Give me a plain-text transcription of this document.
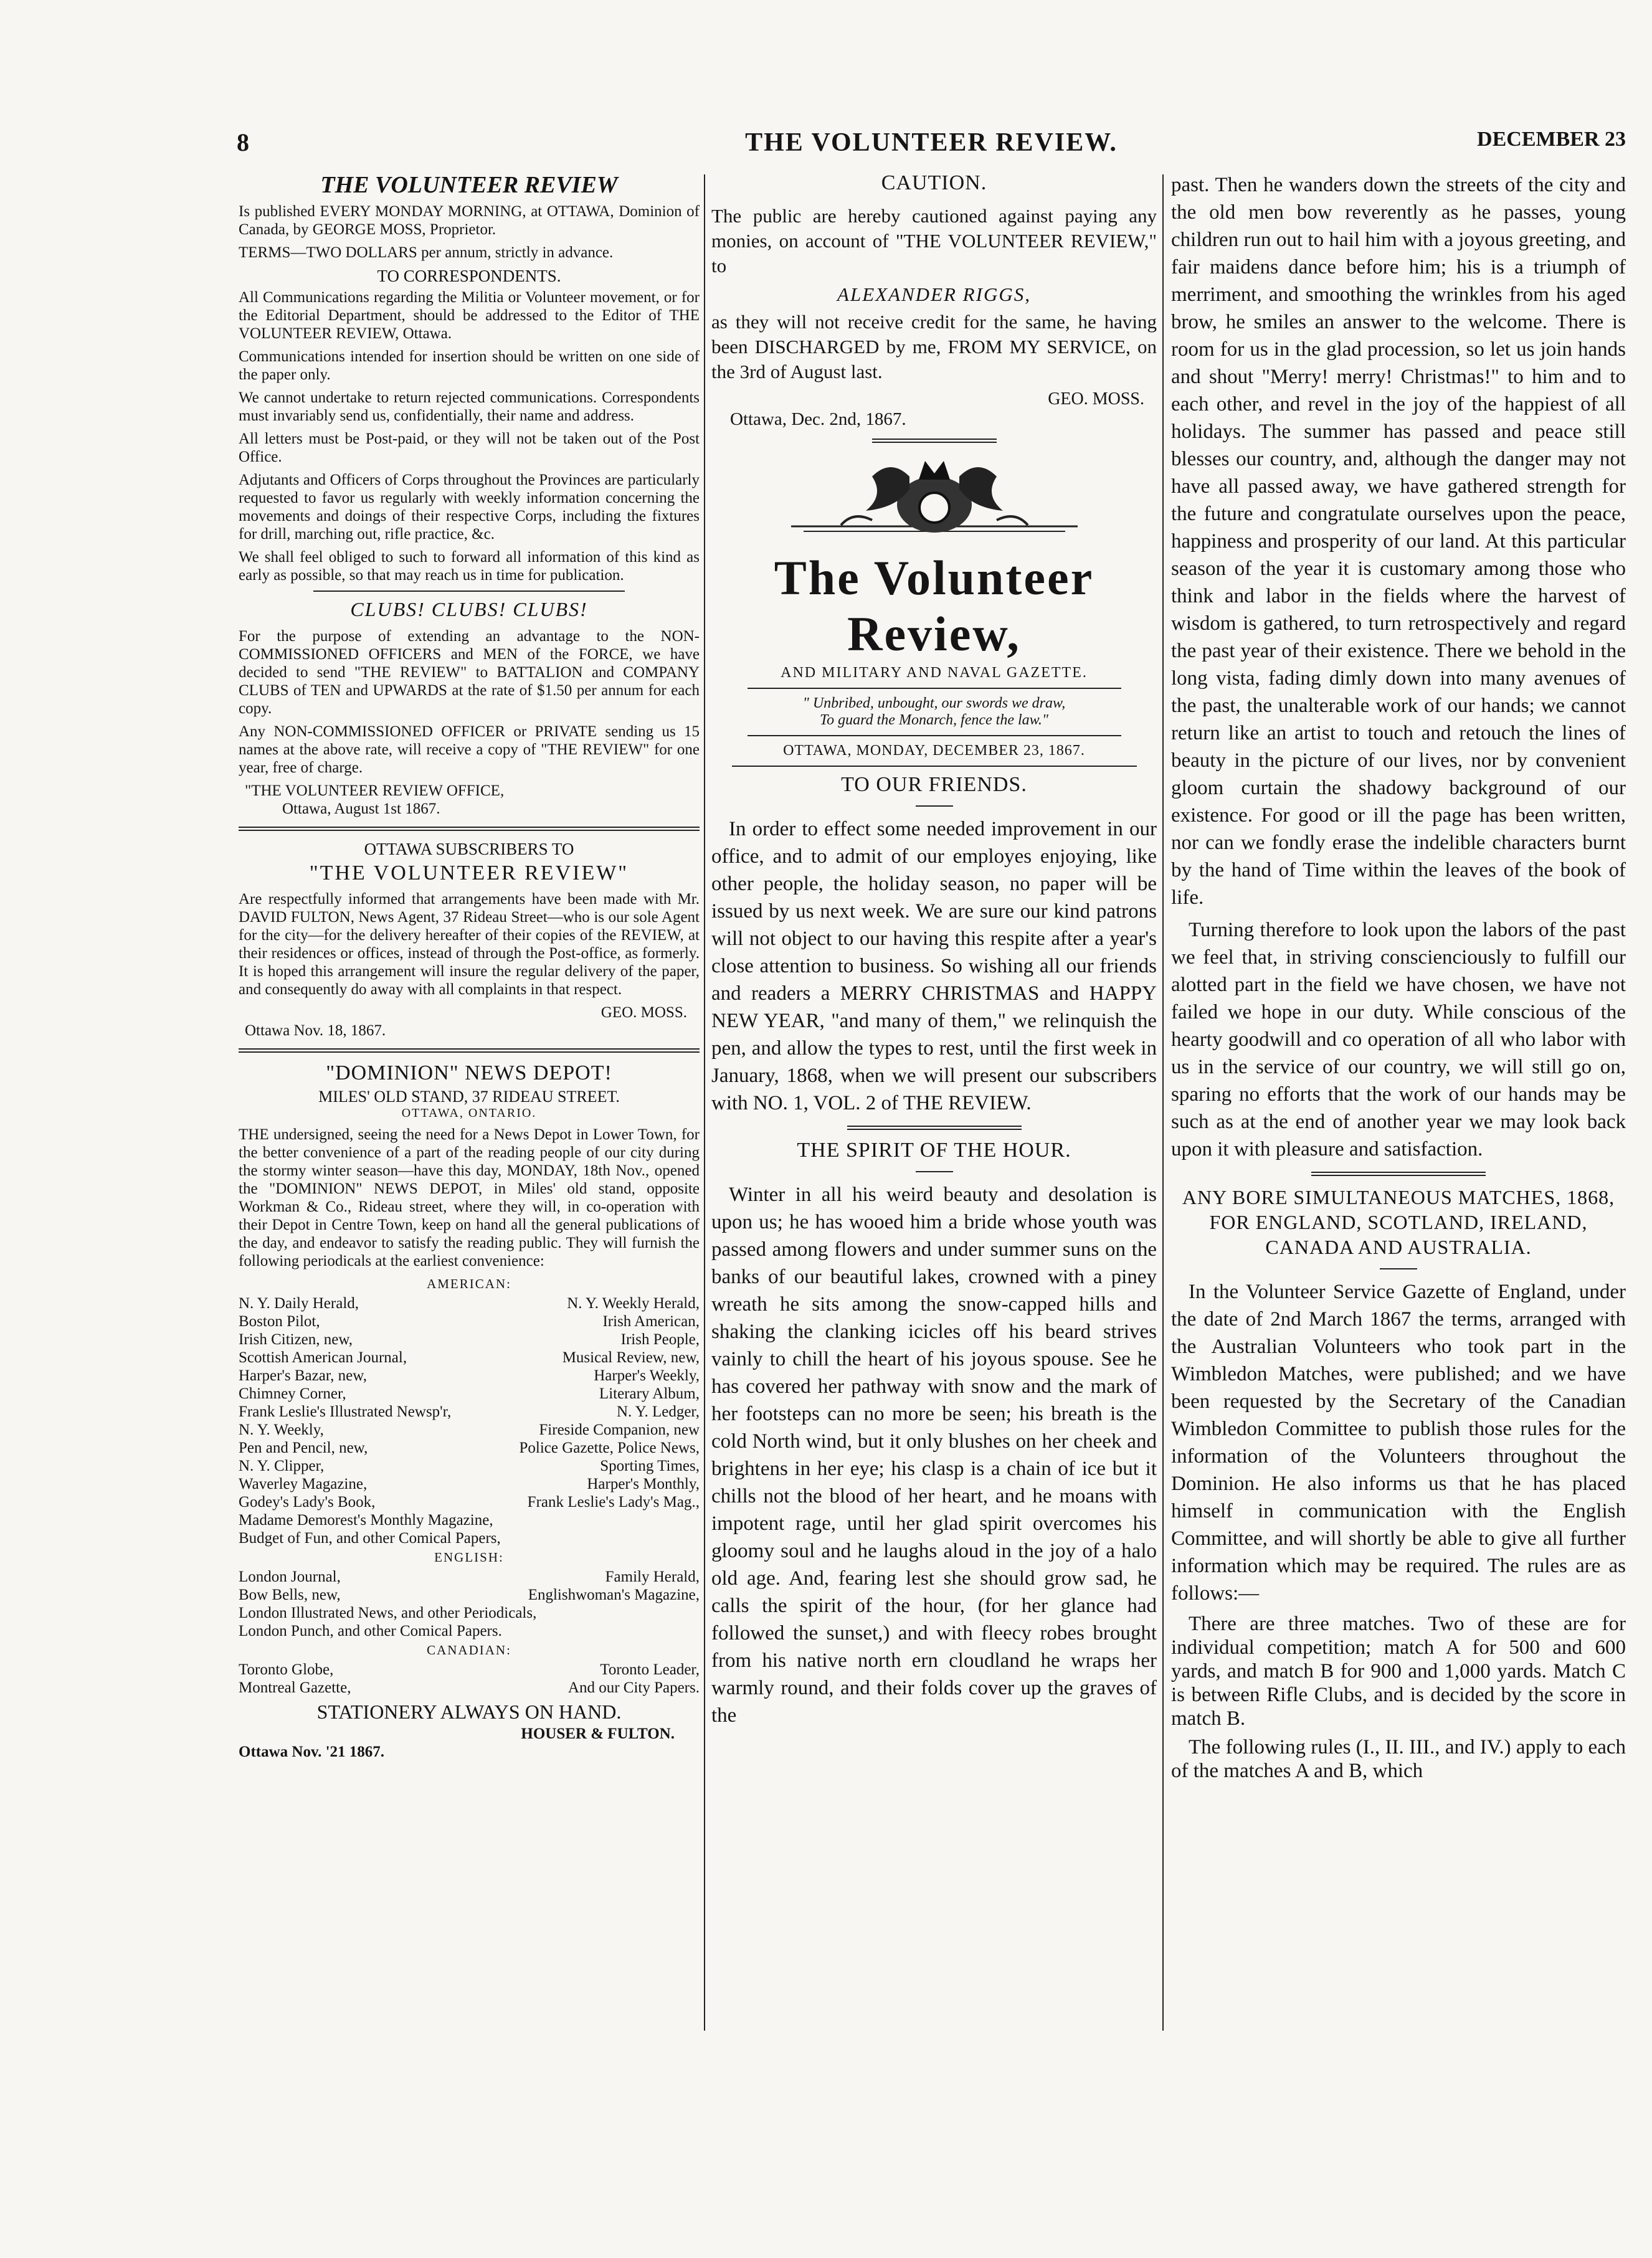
8	THE VOLUNTEER REVIEW.	DECEMBER 23
THE VOLUNTEER REVIEW

Is published EVERY MONDAY MORNING, at OTTAWA, Dominion of Canada, by GEORGE MOSS, Proprietor.

TERMS—TWO DOLLARS per annum, strictly in advance.

TO CORRESPONDENTS.

All Communications regarding the Militia or Volunteer movement, or for the Editorial Department, should be addressed to the Editor of THE VOLUNTEER REVIEW, Ottawa.

Communications intended for insertion should be written on one side of the paper only.

We cannot undertake to return rejected communications. Correspondents must invariably send us, confidentially, their name and address.

All letters must be Post-paid, or they will not be taken out of the Post Office.

Adjutants and Officers of Corps throughout the Provinces are particularly requested to favor us regularly with weekly information concerning the movements and doings of their respective Corps, including the fixtures for drill, marching out, rifle practice, &c.

We shall feel obliged to such to forward all information of this kind as early as possible, so that may reach us in time for publication.

CLUBS! CLUBS! CLUBS!

For the purpose of extending an advantage to the NON-COMMISSIONED OFFICERS and MEN of the FORCE, we have decided to send "THE REVIEW" to BATTALION and COMPANY CLUBS of TEN and UPWARDS at the rate of $1.50 per annum for each copy.

Any NON-COMMISSIONED OFFICER or PRIVATE sending us 15 names at the above rate, will receive a copy of "THE REVIEW" for one year, free of charge.

"THE VOLUNTEER REVIEW OFFICE,
Ottawa, August 1st 1867.
OTTAWA SUBSCRIBERS TO
"THE VOLUNTEER REVIEW"

Are respectfully informed that arrangements have been made with Mr. DAVID FULTON, News Agent, 37 Rideau Street—who is our sole Agent for the city—for the delivery hereafter of their copies of the REVIEW, at their residences or offices, instead of through the Post-office, as formerly. It is hoped this arrangement will insure the regular delivery of the paper, and consequently do away with all complaints in that respect.

GEO. MOSS.
Ottawa Nov. 18, 1867.
"DOMINION" NEWS DEPOT!
MILES' OLD STAND, 37 RIDEAU STREET.
OTTAWA, ONTARIO.

THE undersigned, seeing the need for a News Depot in Lower Town, for the better convenience of a part of the reading people of our city during the stormy winter season—have this day, MONDAY, 18th Nov., opened the "DOMINION" NEWS DEPOT, in Miles' old stand, opposite Workman & Co., Rideau street, where they will, in co-operation with their Depot in Centre Town, keep on hand all the general publications of the day, and endeavor to satisfy the reading public. They will furnish the following periodicals at the earliest convenience:

AMERICAN:
N. Y. Daily Herald,	N. Y. Weekly Herald,
Boston Pilot,	Irish American,
Irish Citizen, new,	Irish People,
Scottish American Journal,	Musical Review, new,
Harper's Bazar, new,	Harper's Weekly,
Chimney Corner,	Literary Album,
Frank Leslie's Illustrated Newsp'r,	N. Y. Ledger,
N. Y. Weekly,	Fireside Companion, new
Pen and Pencil, new,	Police Gazette, Police News,
N. Y. Clipper,	Sporting Times,
Waverley Magazine,	Harper's Monthly,
Godey's Lady's Book,	Frank Leslie's Lady's Mag.,
Madame Demorest's Monthly Magazine,
Budget of Fun, and other Comical Papers,
ENGLISH:
London Journal,	Family Herald,
Bow Bells, new,	Englishwoman's Magazine,
London Illustrated News, and other Periodicals,
London Punch, and other Comical Papers.
CANADIAN:
Toronto Globe,	Toronto Leader,
Montreal Gazette,	And our City Papers.
STATIONERY ALWAYS ON HAND.
HOUSER & FULTON.
Ottawa Nov. '21 1867.
CAUTION.

The public are hereby cautioned against paying any monies, on account of "THE VOLUNTEER REVIEW," to

ALEXANDER RIGGS,

as they will not receive credit for the same, he having been DISCHARGED by me, FROM MY SERVICE, on the 3rd of August last.

GEO. MOSS.
Ottawa, Dec. 2nd, 1867.
The Volunteer Review,
AND MILITARY AND NAVAL GAZETTE.
" Unbribed, unbought, our swords we draw,
To guard the Monarch, fence the law."
OTTAWA, MONDAY, DECEMBER 23, 1867.
TO OUR FRIENDS.

In order to effect some needed improvement in our office, and to admit of our employes enjoying, like other people, the holiday season, no paper will be issued by us next week. We are sure our kind patrons will not object to our having this respite after a year's close attention to business. So wishing all our friends and readers a MERRY CHRISTMAS and HAPPY NEW YEAR, "and many of them," we relinquish the pen, and allow the types to rest, until the first week in January, 1868, when we will present our subscribers with NO. 1, VOL. 2 of THE REVIEW.

THE SPIRIT OF THE HOUR.

Winter in all his weird beauty and desolation is upon us; he has wooed him a bride whose youth was passed among flowers and under summer suns on the banks of our beautiful lakes, crowned with a piney wreath he sits among the snow-capped hills and shaking the clanking icicles off his beard strives vainly to chill the heart of his joyous spouse. See he has covered her pathway with snow and the mark of her footsteps can no more be seen; his breath is the cold North wind, but it only blushes on her cheek and brightens in her eye; his clasp is a chain of ice but it chills not the blood of her heart, and he moans with impotent rage, until her glad spirit overcomes his gloomy soul and he laughs aloud in the joy of a halo old age. And, fearing lest she should grow sad, he calls the spirit of the hour, (for her glance had followed the sunset,) and with fleecy robes brought from his native north ern cloudland he wraps her warmly round, and their folds cover up the graves of the

past. Then he wanders down the streets of the city and the old men bow reverently as he passes, young children run out to hail him with a joyous greeting, and fair maidens dance before him; his is a triumph of merriment, and smoothing the wrinkles from his aged brow, he smiles an answer to the welcome. There is room for us in the glad procession, so let us join hands and shout "Merry! merry! Christmas!" to him and to each other, and revel in the joy of the happiest of all holidays. The summer has passed and peace still blesses our country, and, although the danger may not have all passed away, we have gathered strength for the future and congratulate ourselves upon the peace, happiness and prosperity of our land. At this particular season of the year it is customary among those who think and labor in the fields where the harvest of wisdom is gathered, to turn retrospectively and regard the past year of their existence. There we behold in the long vista, fading dimly down into many avenues of the past, the unalterable work of our hands; we cannot return like an artist to touch and retouch the lines of beauty in the picture of our lives, nor by convenient gloom curtain the shadowy background of our existence. For good or ill the page has been written, nor can we fondly erase the indelible characters burnt by the hand of Time within the leaves of the book of life.

Turning therefore to look upon the labors of the past we feel that, in striving conscienciously to fulfill our alotted part in the field we have chosen, we have not failed we hope in our duty. While conscious of the hearty goodwill and co operation of all who labor with us in the service of our country, we will still go on, sparing no efforts that the work of our hands may be such as at the end of another year we may look back upon it with pleasure and satisfaction.

ANY BORE SIMULTANEOUS MATCHES, 1868, FOR ENGLAND, SCOTLAND, IRELAND, CANADA AND AUSTRALIA.

In the Volunteer Service Gazette of England, under the date of 2nd March 1867 the terms, arranged with the Australian Volunteers who took part in the Wimbledon Matches, were published; and we have been requested by the Secretary of the Canadian Wimbledon Committee to publish those rules for the information of the Volunteers throughout the Dominion. He also informs us that he has placed himself in communication with the English Committee, and will shortly be able to give all further information which may be required. The rules are as follows:—

There are three matches. Two of these are for individual competition; match A for 500 and 600 yards, and match B for 900 and 1,000 yards. Match C is between Rifle Clubs, and is decided by the score in match B.

The following rules (I., II. III., and IV.) apply to each of the matches A and B, which
